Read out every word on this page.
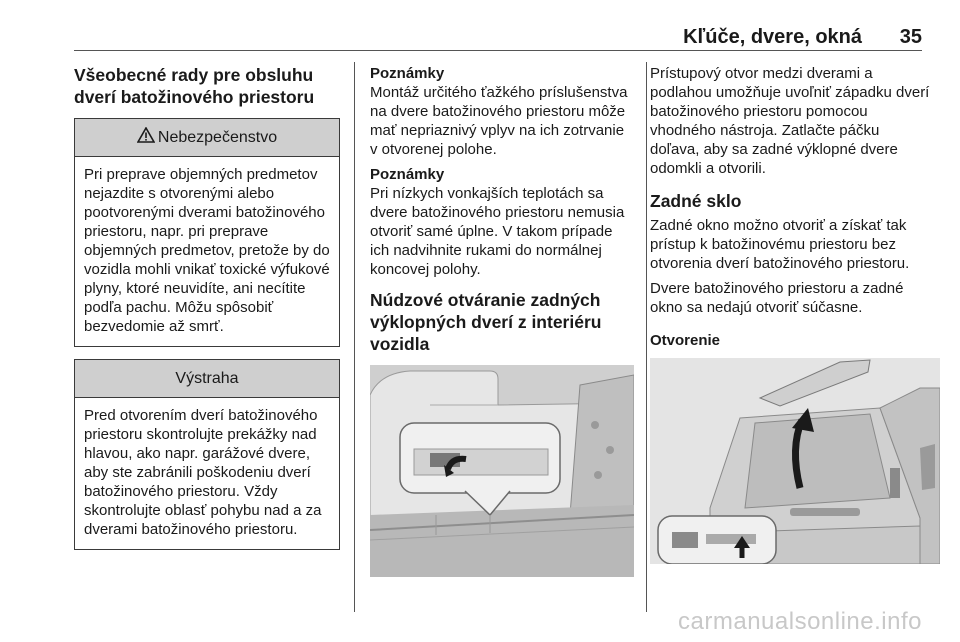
Kľúče, dvere, okná 35
Všeobecné rady pre obsluhu dverí batožinového priestoru
Nebezpečenstvo

Pri preprave objemných predmetov nejazdite s otvorenými alebo pootvorenými dverami batožinového priestoru, napr. pri preprave objemných predmetov, pretože by do vozidla mohli vnikať toxické výfukové plyny, ktoré neuvidíte, ani necítite podľa pachu. Môžu spôsobiť bezvedomie až smrť.

Výstraha

Pred otvorením dverí batožinového priestoru skontrolujte prekážky nad hlavou, ako napr. garážové dvere, aby ste zabránili poškodeniu dverí batožinového priestoru. Vždy skontrolujte oblasť pohybu nad a za dverami batožinového priestoru.

Poznámky

Montáž určitého ťažkého príslušenstva na dvere batožinového priestoru môže mať nepriaznivý vplyv na ich zotrvanie v otvorenej polohe.

Poznámky

Pri nízkych vonkajších teplotách sa dvere batožinového priestoru nemusia otvoriť samé úplne. V takom prípade ich nadvihnite rukami do normálnej koncovej polohy.

Núdzové otváranie zadných výklopných dverí z interiéru vozidla

Prístupový otvor medzi dverami a podlahou umožňuje uvoľniť západku dverí batožinového priestoru pomocou vhodného nástroja. Zatlačte páčku doľava, aby sa zadné výklopné dvere odomkli a otvorili.

Zadné sklo

Zadné okno možno otvoriť a získať tak prístup k batožinovému priestoru bez otvorenia dverí batožinového priestoru.

Dvere batožinového priestoru a zadné okno sa nedajú otvoriť súčasne.

Otvorenie
carmanualsonline.info
